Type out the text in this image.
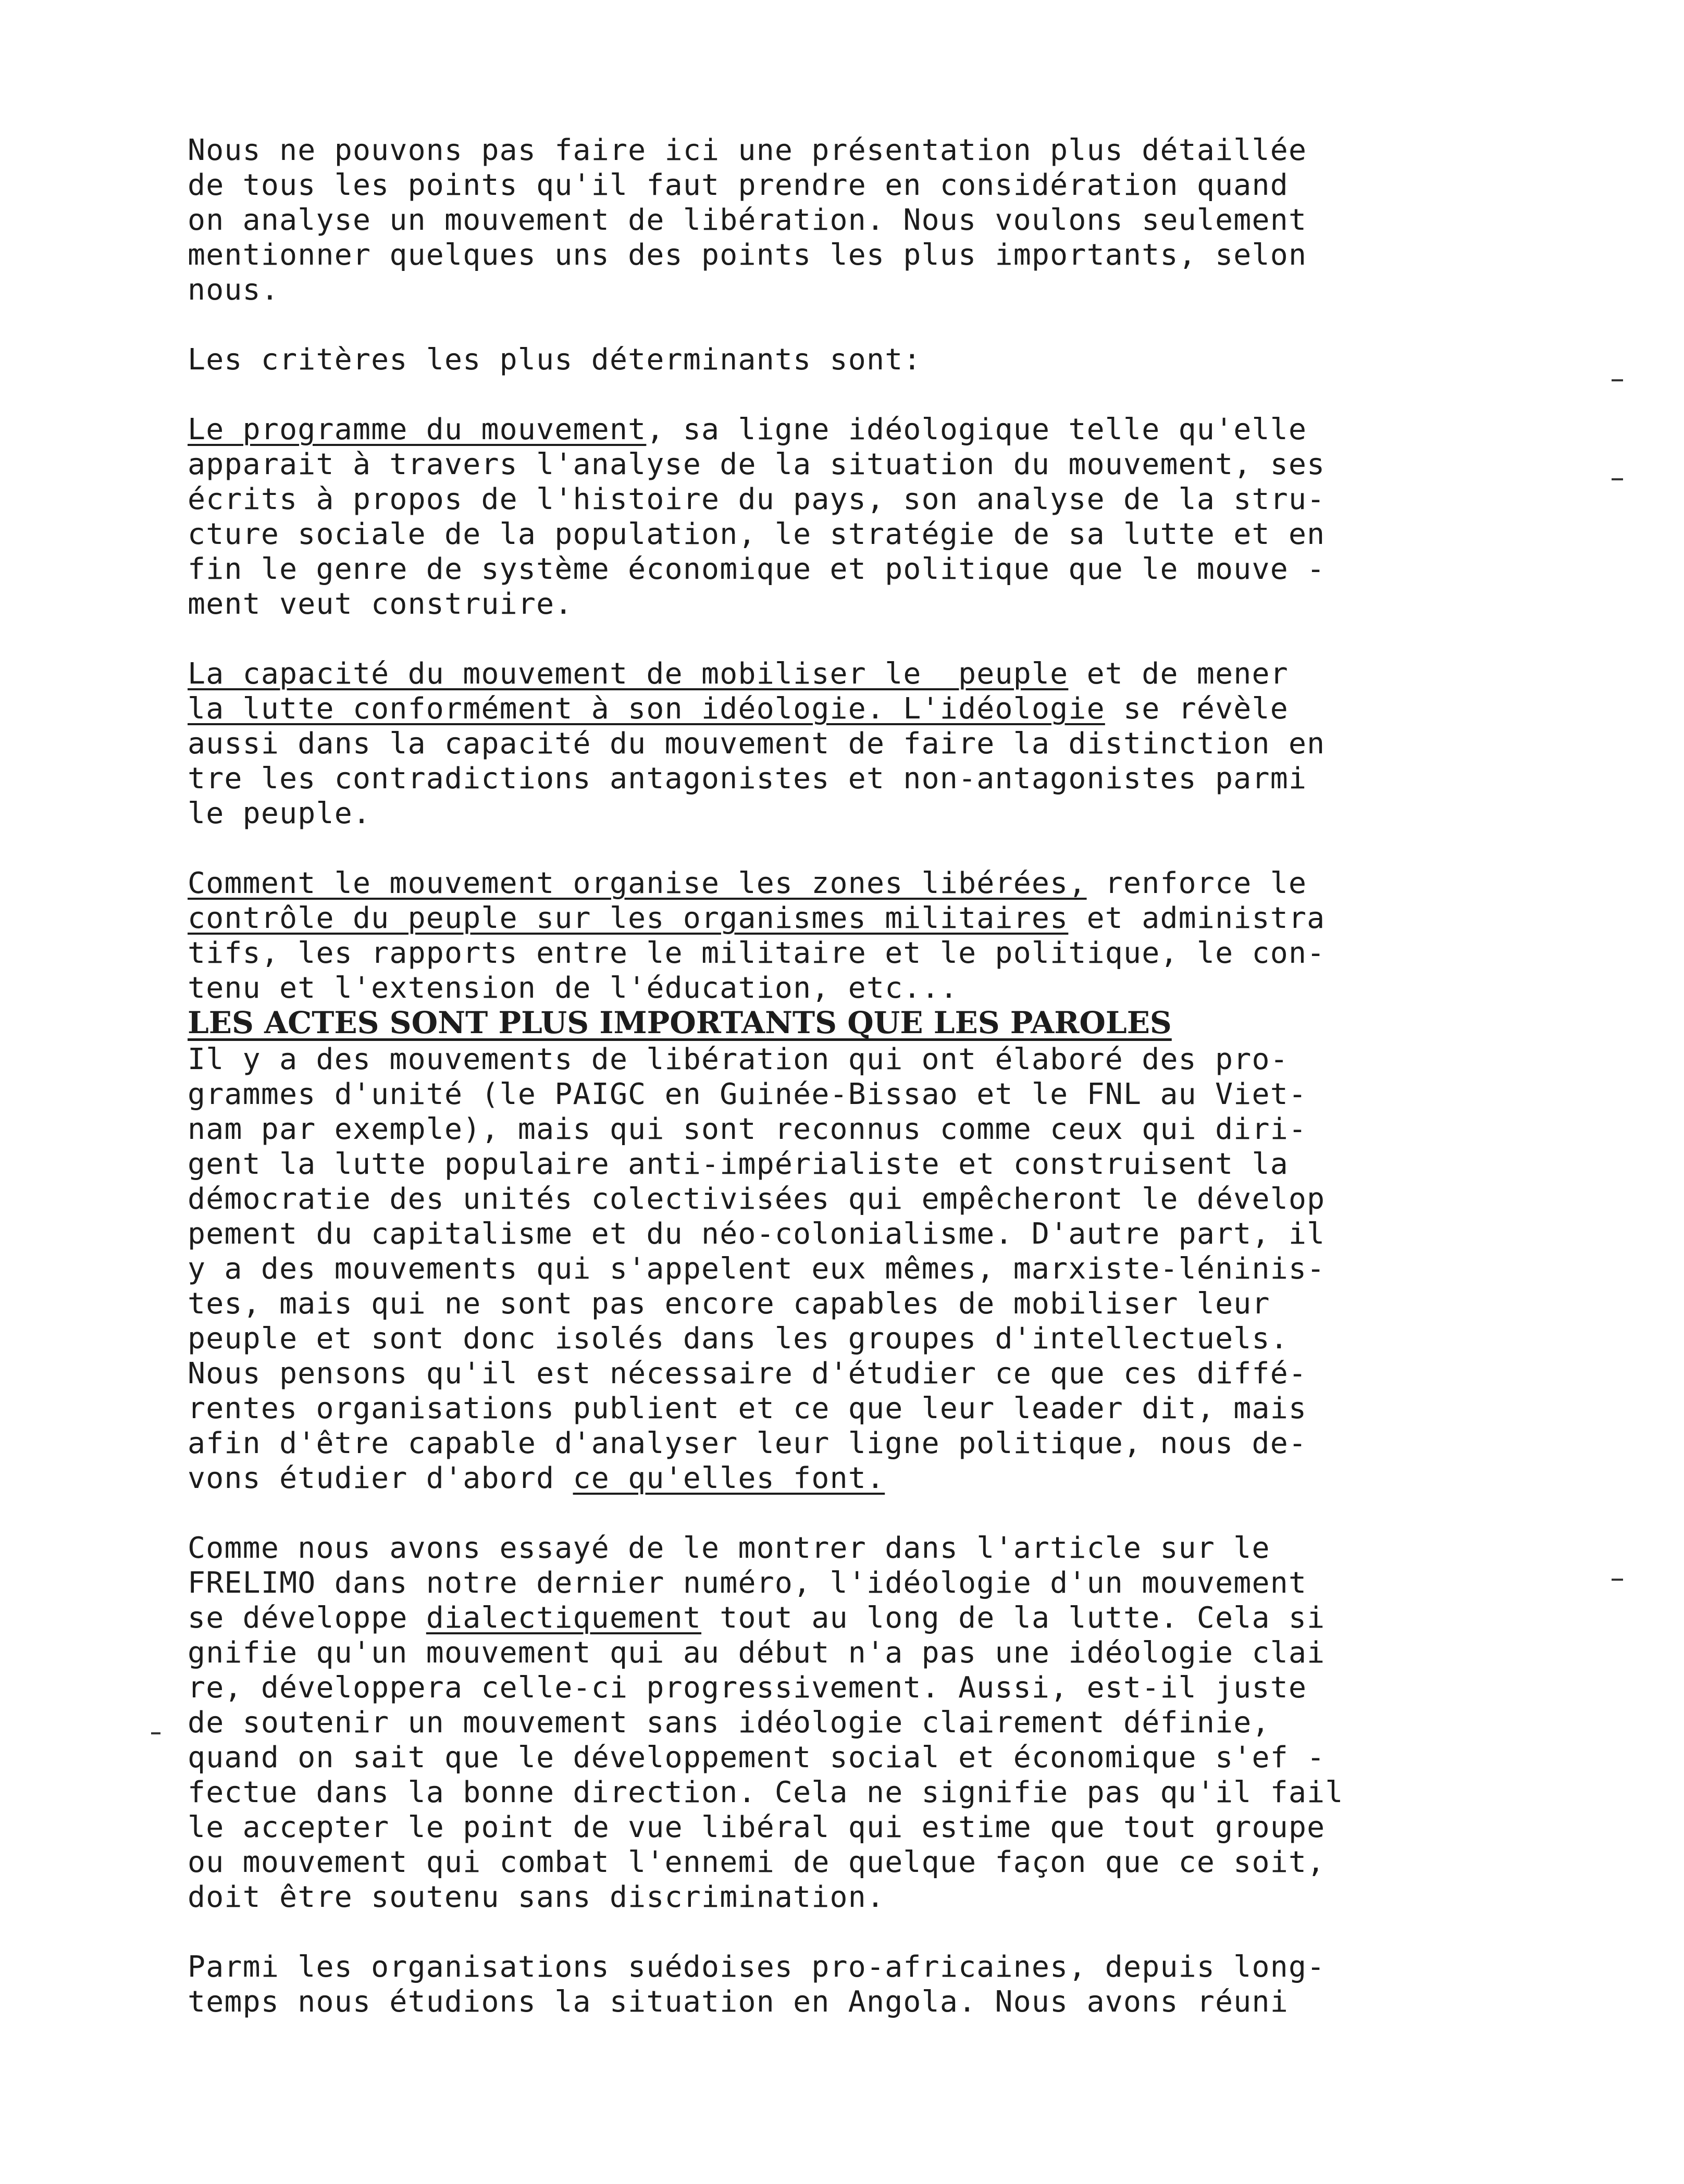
Nous ne pouvons pas faire ici une présentation plus détaillée
de tous les points qu'il faut prendre en considération quand
on analyse un mouvement de libération. Nous voulons seulement
mentionner quelques uns des points les plus importants, selon
nous.
Les critères les plus déterminants sont:
Le programme du mouvement, sa ligne idéologique telle qu'elle
apparait à travers l'analyse de la situation du mouvement, ses
écrits à propos de l'histoire du pays, son analyse de la stru-
cture sociale de la population, le stratégie de sa lutte et en
fin le genre de système économique et politique que le mouve -
ment veut construire.
La capacité du mouvement de mobiliser le  peuple et de mener
la lutte conformément à son idéologie. L'idéologie se révèle
aussi dans la capacité du mouvement de faire la distinction en
tre les contradictions antagonistes et non-antagonistes parmi
le peuple.
Comment le mouvement organise les zones libérées, renforce le
contrôle du peuple sur les organismes militaires et administra
tifs, les rapports entre le militaire et le politique, le con-
tenu et l'extension de l'éducation, etc...
LES ACTES SONT PLUS IMPORTANTS QUE LES PAROLES
Il y a des mouvements de libération qui ont élaboré des pro-
grammes d'unité (le PAIGC en Guinée-Bissao et le FNL au Viet-
nam par exemple), mais qui sont reconnus comme ceux qui diri-
gent la lutte populaire anti-impérialiste et construisent la
démocratie des unités colectivisées qui empêcheront le dévelop
pement du capitalisme et du néo-colonialisme. D'autre part, il
y a des mouvements qui s'appelent eux mêmes, marxiste-léninis-
tes, mais qui ne sont pas encore capables de mobiliser leur
peuple et sont donc isolés dans les groupes d'intellectuels.
Nous pensons qu'il est nécessaire d'étudier ce que ces diffé-
rentes organisations publient et ce que leur leader dit, mais
afin d'être capable d'analyser leur ligne politique, nous de-
vons étudier d'abord ce qu'elles font.
Comme nous avons essayé de le montrer dans l'article sur le
FRELIMO dans notre dernier numéro, l'idéologie d'un mouvement
se développe dialectiquement tout au long de la lutte. Cela si
gnifie qu'un mouvement qui au début n'a pas une idéologie clai
re, développera celle-ci progressivement. Aussi, est-il juste
de soutenir un mouvement sans idéologie clairement définie,
quand on sait que le développement social et économique s'ef -
fectue dans la bonne direction. Cela ne signifie pas qu'il fail
le accepter le point de vue libéral qui estime que tout groupe
ou mouvement qui combat l'ennemi de quelque façon que ce soit,
doit être soutenu sans discrimination.
Parmi les organisations suédoises pro-africaines, depuis long-
temps nous étudions la situation en Angola. Nous avons réuni
